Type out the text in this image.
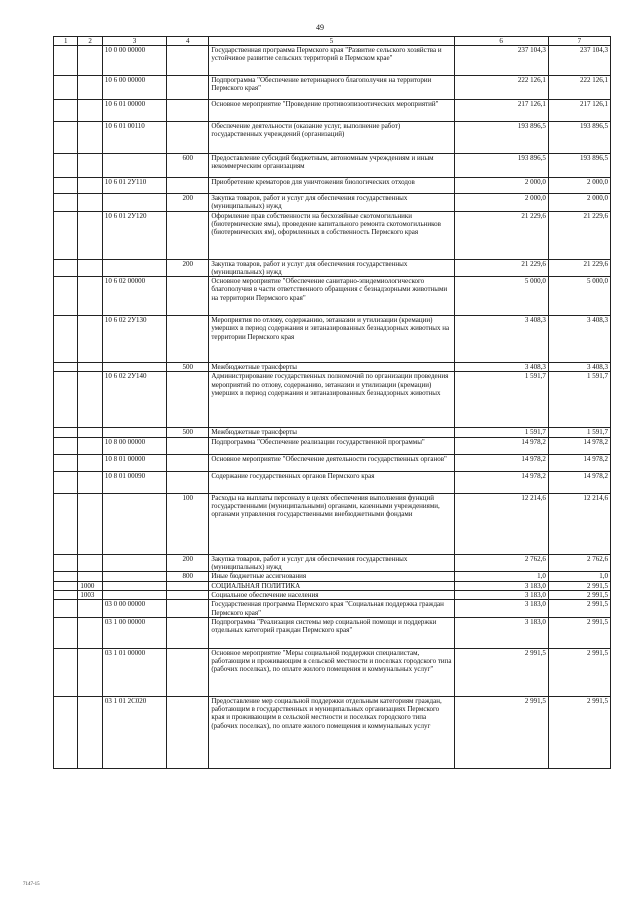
49
1	2	3	4	5	6	7
		10 0 00 00000		Государственная программа Пермского края "Развитие сельского хозяйства и устойчивое развитие сельских территорий в Пермском крае"	237 104,3	237 104,3
		10 6 00 00000		Подпрограмма "Обеспечение ветеринарного благополучия на территории Пермского края"	222 126,1	222 126,1
		10 6 01 00000		Основное мероприятие "Проведение противоэпизоотических мероприятий"	217 126,1	217 126,1
		10 6 01 00110		Обеспечение деятельности (оказание услуг, выполнение работ) государственных учреждений (организаций)	193 896,5	193 896,5
			600	Предоставление субсидий бюджетным, автономным учреждениям и иным некоммерческим организациям	193 896,5	193 896,5
		10 6 01 2У110		Приобретение крематоров для уничтожения биологических отходов	2 000,0	2 000,0
			200	Закупка товаров, работ и услуг для обеспечения государственных (муниципальных) нужд	2 000,0	2 000,0
		10 6 01 2У120		Оформление прав собственности на бесхозяйные скотомогильники (биотермические ямы), проведение капитального ремонта скотомогильников (биотермических ям), оформленных в собственность Пермского края	21 229,6	21 229,6
			200	Закупка товаров, работ и услуг для обеспечения государственных (муниципальных) нужд	21 229,6	21 229,6
		10 6 02 00000		Основное мероприятие "Обеспечение санитарно-эпидемиологического благополучия в части ответственного обращения с безнадзорными животными на территории Пермского края"	5 000,0	5 000,0
		10 6 02 2У130		Мероприятия по отлову, содержанию, эвтаназии и утилизации (кремации) умерших в период содержания и эвтаназированных безнадзорных животных на территории Пермского края	3 408,3	3 408,3
			500	Межбюджетные трансферты	3 408,3	3 408,3
		10 6 02 2У140		Администрирование государственных полномочий по организации проведения мероприятий по отлову, содержанию, эвтаназии и утилизации (кремации) умерших в период содержания и эвтаназированных безнадзорных животных	1 591,7	1 591,7
			500	Межбюджетные трансферты	1 591,7	1 591,7
		10 8 00 00000		Подпрограмма "Обеспечение реализации государственной программы"	14 978,2	14 978,2
		10 8 01 00000		Основное мероприятие "Обеспечение деятельности государственных органов"	14 978,2	14 978,2
		10 8 01 00090		Содержание государственных органов Пермского края	14 978,2	14 978,2
			100	Расходы на выплаты персоналу в целях обеспечения выполнения функций государственными (муниципальными) органами, казенными учреждениями, органами управления государственными внебюджетными фондами	12 214,6	12 214,6
			200	Закупка товаров, работ и услуг для обеспечения государственных (муниципальных) нужд	2 762,6	2 762,6
			800	Иные бюджетные ассигнования	1,0	1,0
	1000			СОЦИАЛЬНАЯ ПОЛИТИКА	3 183,0	2 991,5
	1003			Социальное обеспечение населения	3 183,0	2 991,5
		03 0 00 00000		Государственная программа Пермского края "Социальная поддержка граждан Пермского края"	3 183,0	2 991,5
		03 1 00 00000		Подпрограмма "Реализация системы мер социальной помощи и поддержки отдельных категорий граждан Пермского края"	3 183,0	2 991,5
		03 1 01 00000		Основное мероприятие "Меры социальной поддержки специалистам, работающим и проживающим в сельской местности и поселках городского типа (рабочих поселках), по оплате жилого помещения и коммунальных услуг"	2 991,5	2 991,5
		03 1 01 2С020		Предоставление мер социальной поддержки отдельным категориям граждан, работающим в государственных и муниципальных организациях Пермского края и проживающим в сельской местности и поселках городского типа (рабочих поселках), по оплате жилого помещения и коммунальных услуг	2 991,5	2 991,5
7147-15
